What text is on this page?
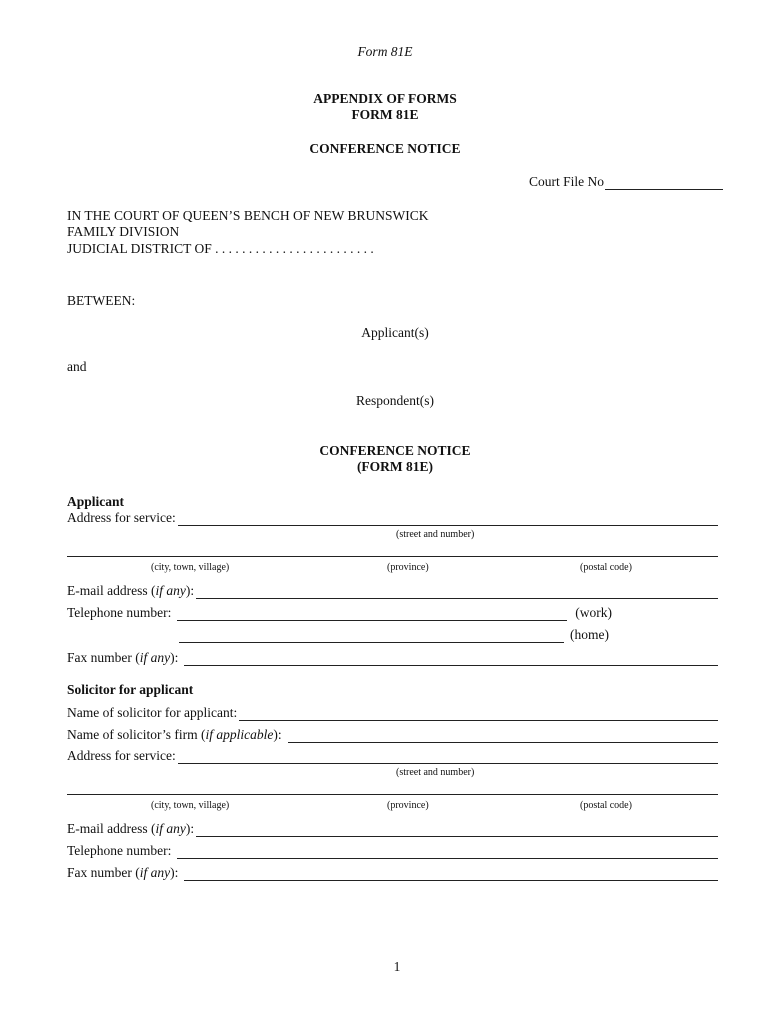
Form 81E
APPENDIX OF FORMS
FORM 81E
CONFERENCE NOTICE
Court File No
IN THE COURT OF QUEEN’S BENCH OF NEW BRUNSWICK
FAMILY DIVISION
JUDICIAL DISTRICT OF . . . . . . . . . . . . . . . . . . . . . . . .
BETWEEN:
Applicant(s)
and
Respondent(s)
CONFERENCE NOTICE
(FORM 81E)
Applicant
Address for service:
(street and number)
(city, town, village)	(province)	(postal code)
E-mail address ( if any ):
Telephone number:	(work)
(home)
Fax number ( if any ):
Solicitor for applicant
Name of solicitor for applicant:
Name of solicitor’s firm ( if applicable ):
Address for service:
(street and number)
(city, town, village)	(province)	(postal code)
E-mail address ( if any ):
Telephone number:
Fax number ( if any ):
1
